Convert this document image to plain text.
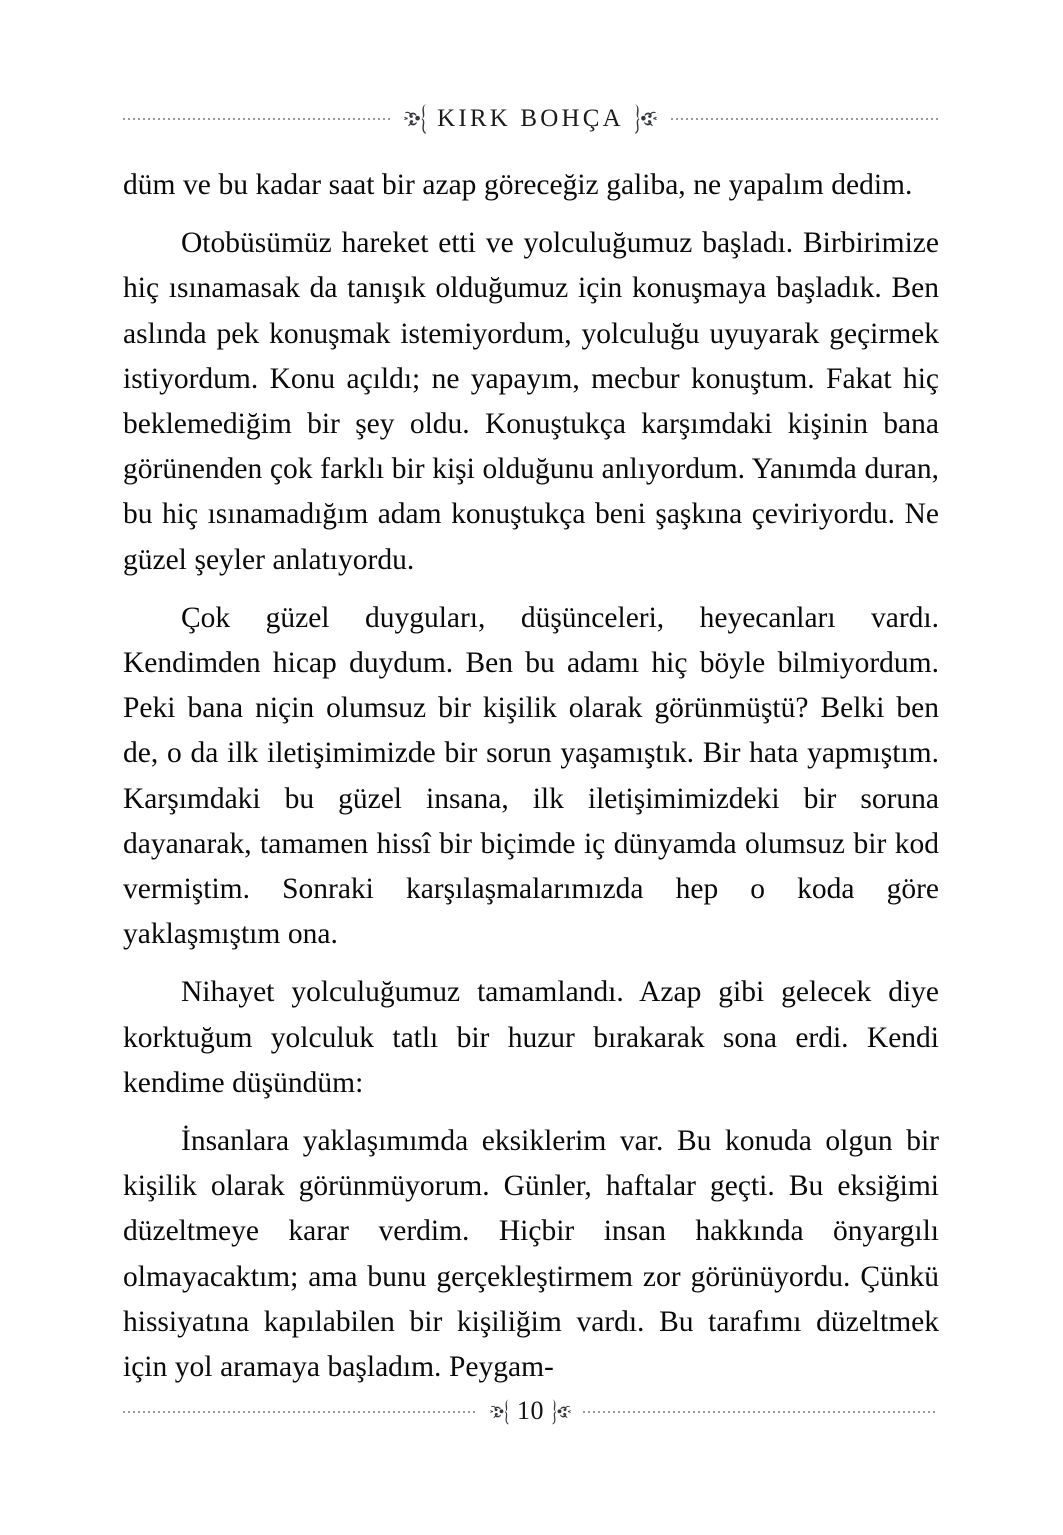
KIRK BOHÇA

düm ve bu kadar saat bir azap göreceğiz galiba, ne yapalım dedim.

Otobüsümüz hareket etti ve yolculuğumuz başladı. Birbirimize hiç ısınamasak da tanışık olduğumuz için konuşmaya başladık. Ben aslında pek konuşmak istemiyordum, yolculuğu uyuyarak geçirmek istiyordum. Konu açıldı; ne yapayım, mecbur konuştum. Fakat hiç beklemediğim bir şey oldu. Konuştukça karşımdaki kişinin bana görünenden çok farklı bir kişi olduğunu anlıyordum. Yanımda duran, bu hiç ısınamadığım adam konuştukça beni şaşkına çeviriyordu. Ne güzel şeyler anlatıyordu.

Çok güzel duyguları, düşünceleri, heyecanları vardı. Kendimden hicap duydum. Ben bu adamı hiç böyle bilmiyordum. Peki bana niçin olumsuz bir kişilik olarak görünmüştü? Belki ben de, o da ilk iletişimimizde bir sorun yaşamıştık. Bir hata yapmıştım. Karşımdaki bu güzel insana, ilk iletişimimizdeki bir soruna dayanarak, tamamen hissî bir biçimde iç dünyamda olumsuz bir kod vermiştim. Sonraki karşılaşmalarımızda hep o koda göre yaklaşmıştım ona.

Nihayet yolculuğumuz tamamlandı. Azap gibi gelecek diye korktuğum yolculuk tatlı bir huzur bırakarak sona erdi. Kendi kendime düşündüm:

İnsanlara yaklaşımımda eksiklerim var. Bu konuda olgun bir kişilik olarak görünmüyorum. Günler, haftalar geçti. Bu eksiğimi düzeltmeye karar verdim. Hiçbir insan hakkında önyargılı olmayacaktım; ama bunu gerçekleştirmem zor görünüyordu. Çünkü hissiyatına kapılabilen bir kişiliğim vardı. Bu tarafımı düzeltmek için yol aramaya başladım. Peygam-

10
